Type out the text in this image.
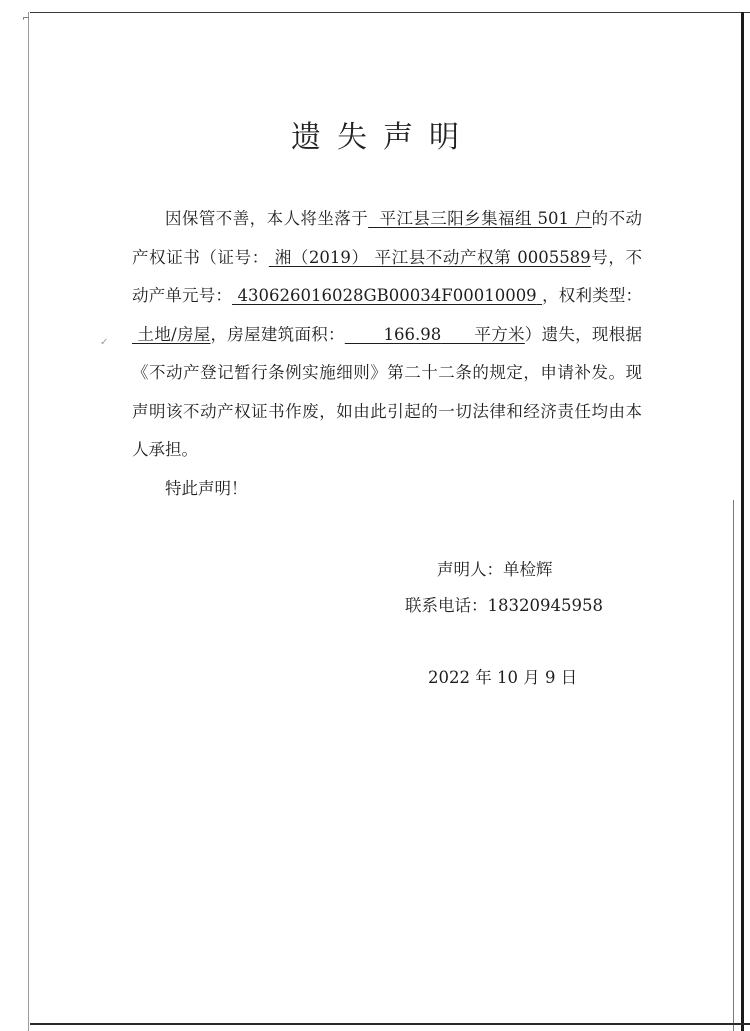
⌐
✓
遗失声明

因保管不善，本人将坐落于 平江县三阳乡集福组 501 户的不动产权证书（证号： 湘（2019） 平江县不动产权第 0005589号，不动产单元号： 430626016028GB00034F00010009 ，权利类型： 土地/房屋，房屋建筑面积： 166.98 平方米）遗失，现根据《不动产登记暂行条例实施细则》第二十二条的规定，申请补发。现声明该不动产权证书作废，如由此引起的一切法律和经济责任均由本人承担。

特此声明！

声明人：单检辉
联系电话：18320945958
2022 年 10 月 9 日
